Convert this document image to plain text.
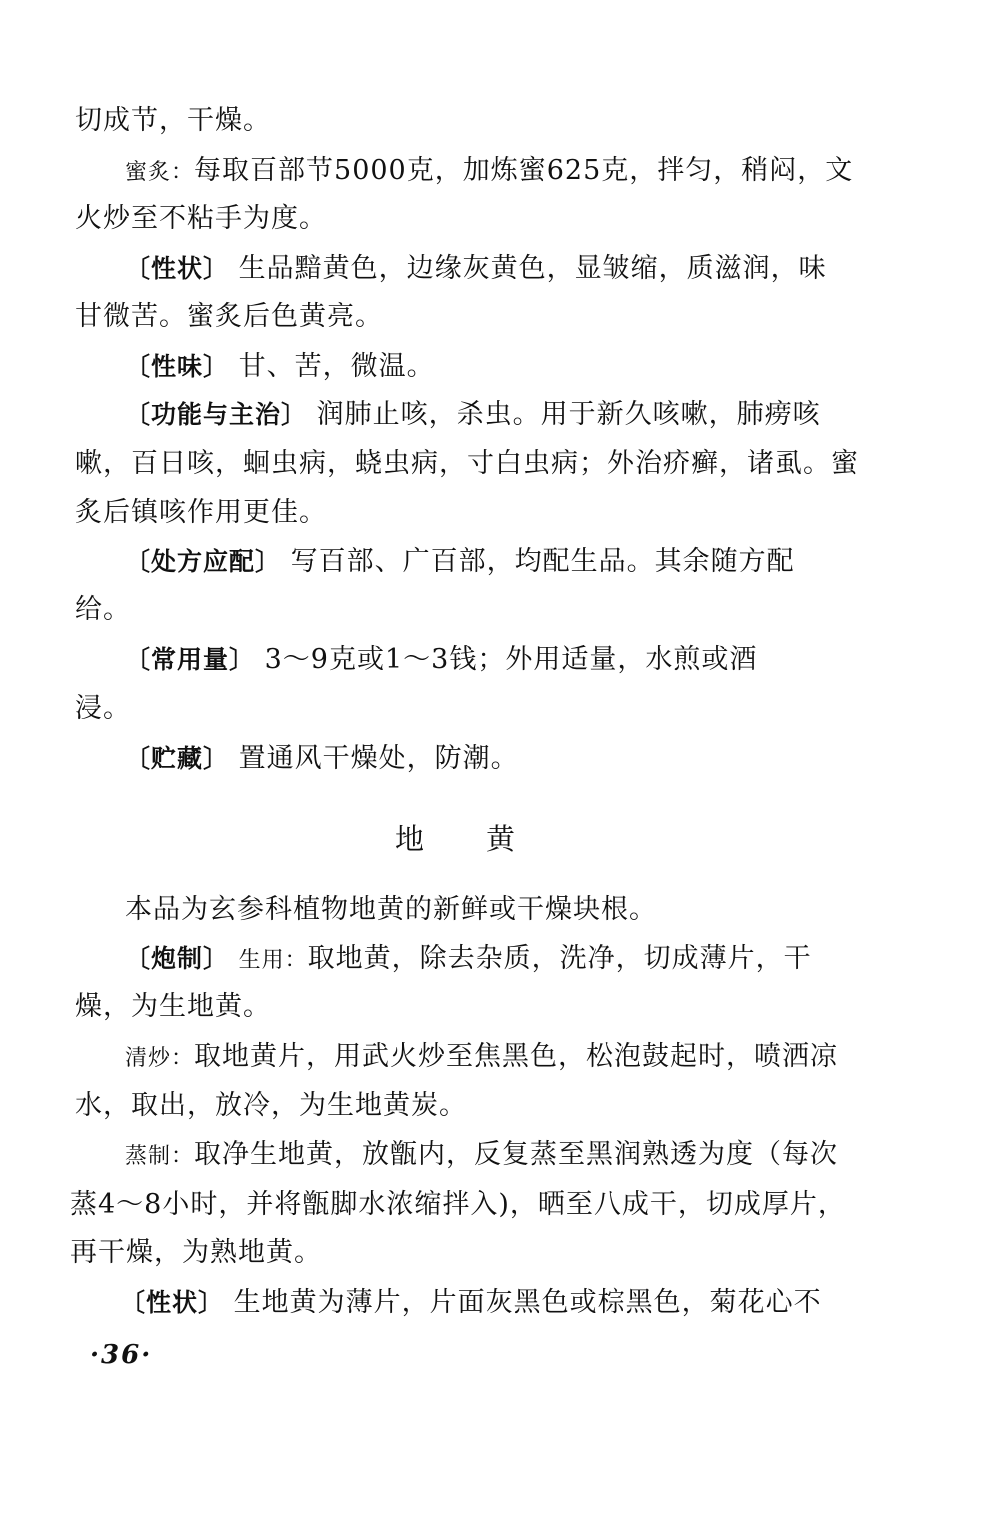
切成节，干燥。
蜜炙：每取百部节5000克，加炼蜜625克，拌匀，稍闷，文
火炒至不粘手为度。
〔性状〕 生品黯黄色，边缘灰黄色，显皱缩，质滋润，味
甘微苦。蜜炙后色黄亮。
〔性味〕 甘、苦，微温。
〔功能与主治〕 润肺止咳，杀虫。用于新久咳嗽，肺痨咳
嗽，百日咳，蛔虫病，蛲虫病，寸白虫病；外治疥癣，诸虱。蜜
炙后镇咳作用更佳。
〔处方应配〕 写百部、广百部，均配生品。其余随方配
给。
〔常用量〕 3～9克或1～3钱；外用适量，水煎或酒
浸。
〔贮藏〕 置通风干燥处，防潮。
地黄
本品为玄参科植物地黄的新鲜或干燥块根。
〔炮制〕 生用：取地黄，除去杂质，洗净，切成薄片，干
燥，为生地黄。
清炒：取地黄片，用武火炒至焦黑色，松泡鼓起时，喷洒凉
水，取出，放冷，为生地黄炭。
蒸制：取净生地黄，放甑内，反复蒸至黑润熟透为度（每次
蒸4～8小时，并将甑脚水浓缩拌入)，晒至八成干，切成厚片，
再干燥，为熟地黄。
〔性状〕 生地黄为薄片，片面灰黑色或棕黑色，菊花心不
·36·
